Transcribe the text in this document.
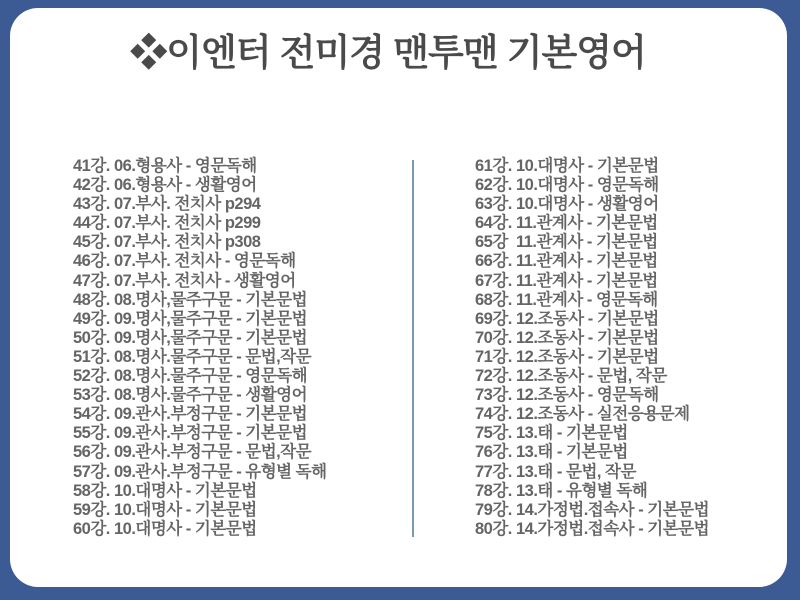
❖이엔터 전미경 맨투맨 기본영어
41강. 06.형용사 - 영문독해
42강. 06.형용사 - 생활영어
43강. 07.부사. 전치사 p294
44강. 07.부사. 전치사 p299
45강. 07.부사. 전치사 p308
46강. 07.부사. 전치사 - 영문독해
47강. 07.부사. 전치사 - 생활영어
48강. 08.명사,물주구문 - 기본문법
49강. 09.명사,물주구문 - 기본문법
50강. 09.명사,물주구문 - 기본문법
51강. 08.명사.물주구문 - 문법,작문
52강. 08.명사.물주구문 - 영문독해
53강. 08.명사.물주구문 - 생활영어
54강. 09.관사.부정구문 - 기본문법
55강. 09.관사.부정구문 - 기본문법
56강. 09.관사.부정구문 - 문법,작문
57강. 09.관사.부정구문 - 유형별 독해
58강. 10.대명사 - 기본문법
59강. 10.대명사 - 기본문법
60강. 10.대명사 - 기본문법
61강. 10.대명사 - 기본문법
62강. 10.대명사 - 영문독해
63강. 10.대명사 - 생활영어
64강. 11.관계사 - 기본문법
65강  11.관계사 - 기본문법
66강. 11.관계사 - 기본문법
67강. 11.관계사 - 기본문법
68강. 11.관계사 - 영문독해
69강. 12.조동사 - 기본문법
70강. 12.조동사 - 기본문법
71강. 12.조동사 - 기본문법
72강. 12.조동사 - 문법, 작문
73강. 12.조동사 - 영문독해
74강. 12.조동사 - 실전응용문제
75강. 13.태 - 기본문법
76강. 13.태 - 기본문법
77강. 13.태 - 문법, 작문
78강. 13.태 - 유형별 독해
79강. 14.가정법.접속사 - 기본문법
80강. 14.가정법.접속사 - 기본문법
